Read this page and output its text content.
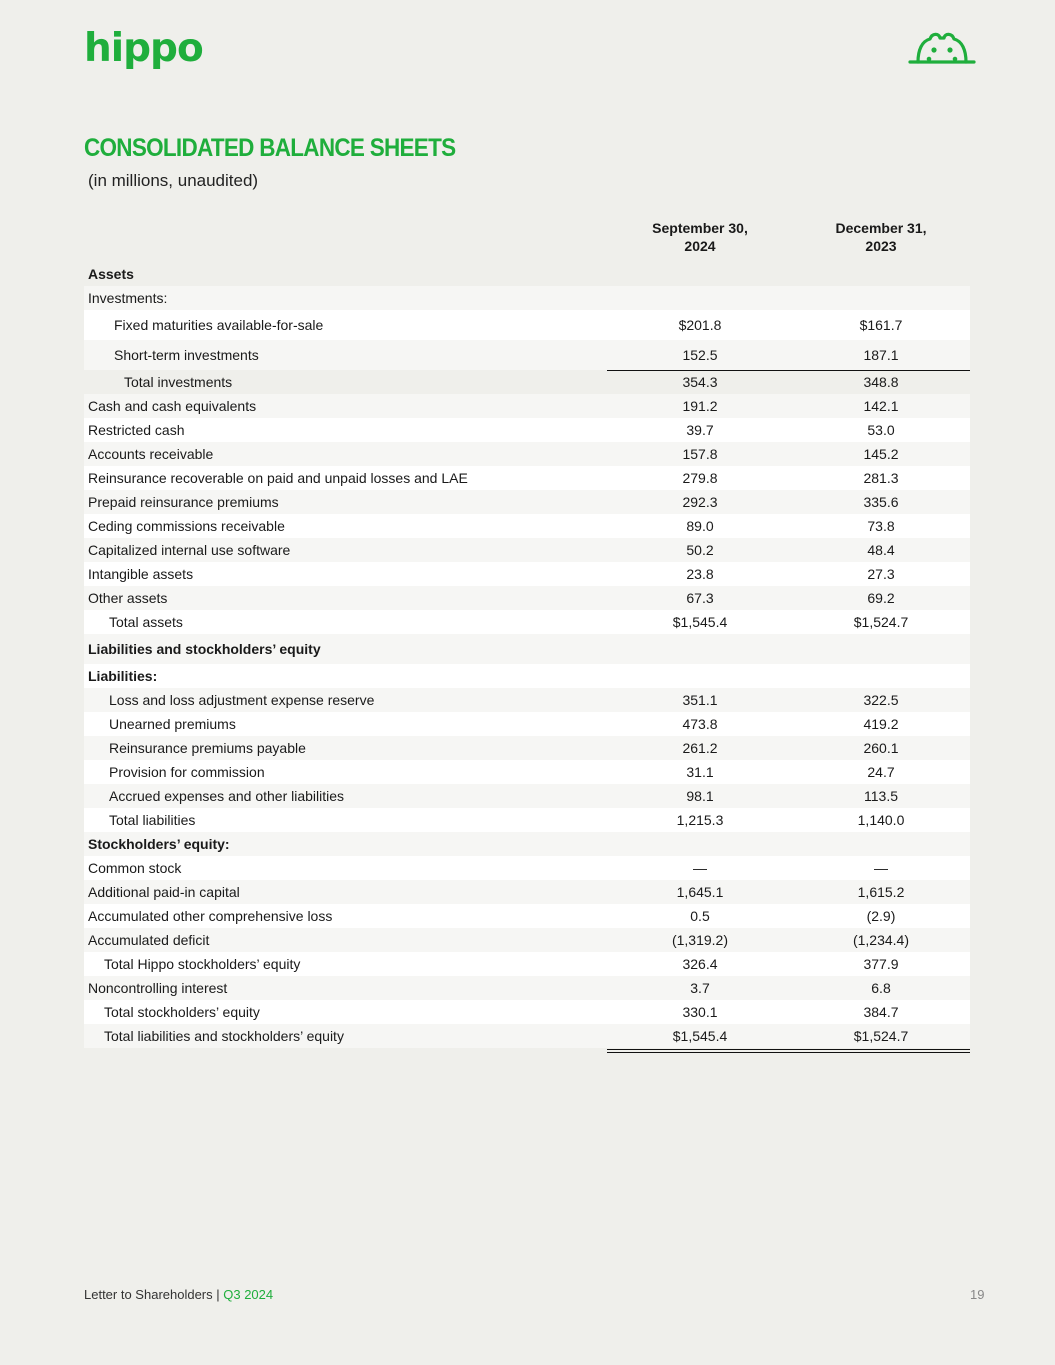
hippo
CONSOLIDATED BALANCE SHEETS
(in millions, unaudited)
September 30,
2024
December 31,
2023
Assets
Investments:
Fixed maturities available-for-sale	$201.8	$161.7
Short-term investments	152.5	187.1
Total investments	354.3	348.8
Cash and cash equivalents	191.2	142.1
Restricted cash	39.7	53.0
Accounts receivable	157.8	145.2
Reinsurance recoverable on paid and unpaid losses and LAE	279.8	281.3
Prepaid reinsurance premiums	292.3	335.6
Ceding commissions receivable	89.0	73.8
Capitalized internal use software	50.2	48.4
Intangible assets	23.8	27.3
Other assets	67.3	69.2
Total assets	$1,545.4	$1,524.7
Liabilities and stockholders’ equity
Liabilities:
Loss and loss adjustment expense reserve	351.1	322.5
Unearned premiums	473.8	419.2
Reinsurance premiums payable	261.2	260.1
Provision for commission	31.1	24.7
Accrued expenses and other liabilities	98.1	113.5
Total liabilities	1,215.3	1,140.0
Stockholders’ equity:
Common stock	—	—
Additional paid-in capital	1,645.1	1,615.2
Accumulated other comprehensive loss	0.5	(2.9)
Accumulated deficit	(1,319.2)	(1,234.4)
Total Hippo stockholders’ equity	326.4	377.9
Noncontrolling interest	3.7	6.8
Total stockholders’ equity	330.1	384.7
Total liabilities and stockholders’ equity	$1,545.4	$1,524.7
Letter to Shareholders | Q3 2024	19
